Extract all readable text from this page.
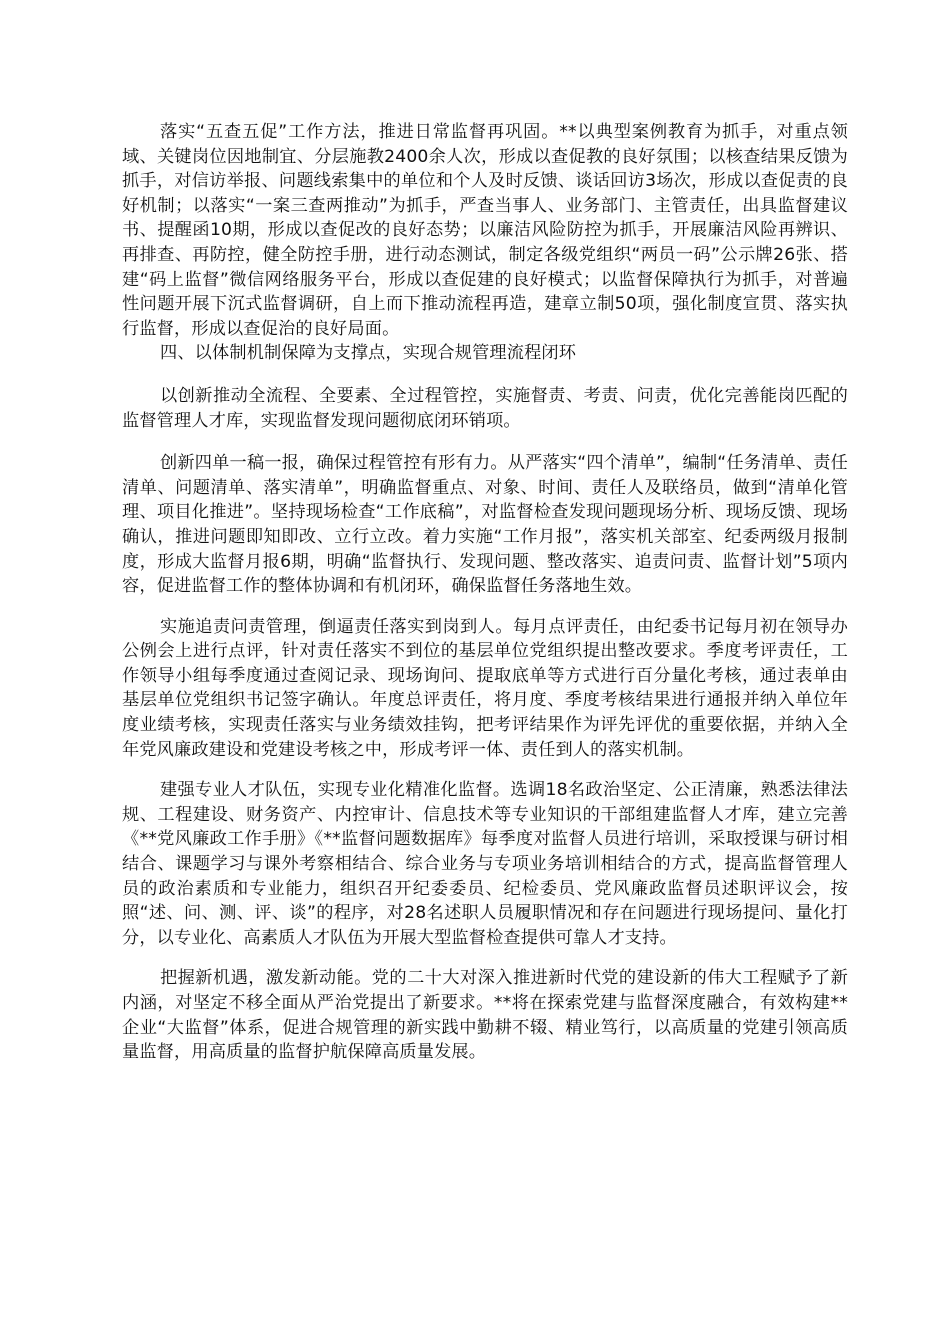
落实“五查五促”工作方法，推进日常监督再巩固。**以典型案例教育为抓手，对重点领域、关键岗位因地制宜、分层施教2400余人次，形成以查促教的良好氛围；以核查结果反馈为抓手，对信访举报、问题线索集中的单位和个人及时反馈、谈话回访3场次，形成以查促责的良好机制；以落实“一案三查两推动”为抓手，严查当事人、业务部门、主管责任，出具监督建议书、提醒函10期，形成以查促改的良好态势；以廉洁风险防控为抓手，开展廉洁风险再辨识、再排查、再防控，健全防控手册，进行动态测试，制定各级党组织“两员一码”公示牌26张、搭建“码上监督”微信网络服务平台，形成以查促建的良好模式；以监督保障执行为抓手，对普遍性问题开展下沉式监督调研，自上而下推动流程再造，建章立制50项，强化制度宣贯、落实执行监督，形成以查促治的良好局面。

四、以体制机制保障为支撑点，实现合规管理流程闭环

以创新推动全流程、全要素、全过程管控，实施督责、考责、问责，优化完善能岗匹配的监督管理人才库，实现监督发现问题彻底闭环销项。

创新四单一稿一报，确保过程管控有形有力。从严落实“四个清单”，编制“任务清单、责任清单、问题清单、落实清单”，明确监督重点、对象、时间、责任人及联络员，做到“清单化管理、项目化推进”。坚持现场检查“工作底稿”，对监督检查发现问题现场分析、现场反馈、现场确认，推进问题即知即改、立行立改。着力实施“工作月报”，落实机关部室、纪委两级月报制度，形成大监督月报6期，明确“监督执行、发现问题、整改落实、追责问责、监督计划”5项内容，促进监督工作的整体协调和有机闭环，确保监督任务落地生效。

实施追责问责管理，倒逼责任落实到岗到人。每月点评责任，由纪委书记每月初在领导办公例会上进行点评，针对责任落实不到位的基层单位党组织提出整改要求。季度考评责任，工作领导小组每季度通过查阅记录、现场询问、提取底单等方式进行百分量化考核，通过表单由基层单位党组织书记签字确认。年度总评责任，将月度、季度考核结果进行通报并纳入单位年度业绩考核，实现责任落实与业务绩效挂钩，把考评结果作为评先评优的重要依据，并纳入全年党风廉政建设和党建设考核之中，形成考评一体、责任到人的落实机制。

建强专业人才队伍，实现专业化精准化监督。选调18名政治坚定、公正清廉，熟悉法律法规、工程建设、财务资产、内控审计、信息技术等专业知识的干部组建监督人才库，建立完善《**党风廉政工作手册》《**监督问题数据库》每季度对监督人员进行培训，采取授课与研讨相结合、课题学习与课外考察相结合、综合业务与专项业务培训相结合的方式，提高监督管理人员的政治素质和专业能力，组织召开纪委委员、纪检委员、党风廉政监督员述职评议会，按照“述、问、测、评、谈”的程序，对28名述职人员履职情况和存在问题进行现场提问、量化打分，以专业化、高素质人才队伍为开展大型监督检查提供可靠人才支持。

把握新机遇，激发新动能。党的二十大对深入推进新时代党的建设新的伟大工程赋予了新内涵，对坚定不移全面从严治党提出了新要求。**将在探索党建与监督深度融合，有效构建**企业“大监督”体系，促进合规管理的新实践中勤耕不辍、精业笃行，以高质量的党建引领高质量监督，用高质量的监督护航保障高质量发展。
